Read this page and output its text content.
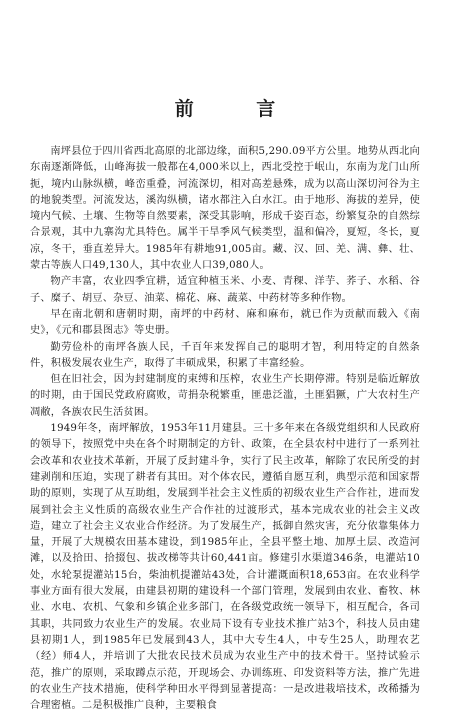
前 言

南坪县位于四川省西北高原的北部边缘，面积5,290.09平方公里。地势从西北向东南逐渐降低，山峰海拔一般都在4,000米以上，西北受控于岷山，东南为龙门山所扼，境内山脉纵横，峰峦重叠，河流深切，相对高差悬殊，成为以高山深切河谷为主的地貌类型。河流发达，溪沟纵横，诸水都注入白水江。由于地形、海拔的差异，使境内气候、土壤、生物等自然要素，深受其影响，形成千姿百态，纷繁复杂的自然综合景观，其中九寨沟尤具特色。属半干旱季风气候类型，温和偏冷，夏短，冬长，夏凉，冬干，垂直差异大。1985年有耕地91,005亩。藏、汉、回、羌、满、彝、壮、蒙古等族人口49,130人，其中农业人口39,080人。

物产丰富，农业四季宜耕，适宜种植玉米、小麦、青稞、洋芋、荞子、水稻、谷子、糜子、胡豆、杂豆、油菜、棉花、麻、蔬菜、中药材等多种作物。

早在南北朝和唐朝时期，南坪的中药材、麻和麻布，就已作为贡献而载入《南史》，《元和郡县图志》等史册。

勤劳俭朴的南坪各族人民，千百年来发挥自己的聪明才智，利用特定的自然条件，积极发展农业生产，取得了丰硕成果，积累了丰富经验。

但在旧社会，因为封建制度的束缚和压榨，农业生产长期停滞。特别是临近解放的时期，由于国民党政府腐败，苛捐杂税繁重，匪患泛滥，土匪猖獗，广大农村生产凋敝，各族农民生活贫困。

1949年冬，南坪解放，1953年11月建县。三十多年来在各级党组织和人民政府的领导下，按照党中央在各个时期制定的方针、政策，在全县农村中进行了一系列社会改革和农业技术革新，开展了反封建斗争，实行了民主改革，解除了农民所受的封建剥削和压迫，实现了耕者有其田。对个体农民，遵循自愿互利，典型示范和国家帮助的原则，实现了从互助组，发展到半社会主义性质的初级农业生产合作社，进而发展到社会主义性质的高级农业生产合作社的过渡形式，基本完成农业的社会主义改造，建立了社会主义农业合作经济。为了发展生产，抵御自然灾害，充分依靠集体力量，开展了大规模农田基本建设，到1985年止，全县平整土地、加厚土层、改造河滩，以及拾田、拾掇包、拔改梯等共计60,441亩。修建引水渠道346条，电灌站10处，水轮泵提灌站15台，柴油机提灌站43处，合计灌溉面积18,653亩。在农业科学事业方面有很大发展，由建县初期的建设科一个部门管理，发展到由农业、畜牧、林业、水电、农机、气象和乡镇企业多部门，在各级党政统一领导下，相互配合，各司其职，共同致力农业生产的发展。农业局下设有专业技术推广站3个，科技人员由建县初期1人，到1985年已发展到43人，其中大专生4人，中专生25人，助理农艺（经）师4人，并培训了大批农民技术员成为农业生产中的技术骨干。坚持试验示范，推广的原则，采取蹲点示范，开现场会、办训练班、印发资料等方法，推广先进的农业生产技术措施，使科学种田水平得到显著提高：一是改进栽培技术，改稀播为合理密植。二是积极推广良种，主要粮食
